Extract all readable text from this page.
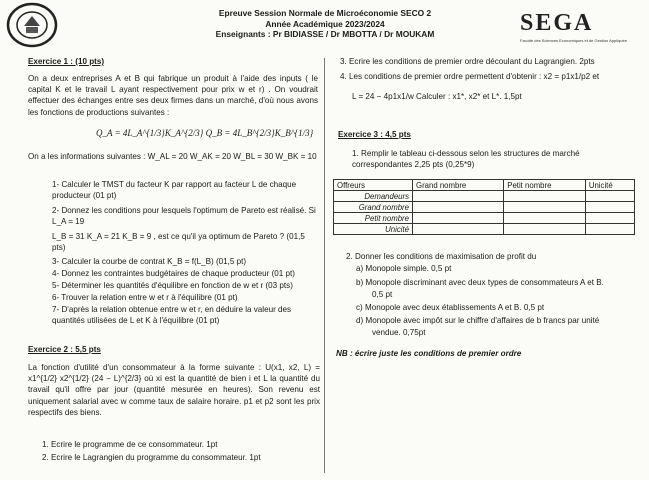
Epreuve Session Normale de Microéconomie SECO 2
Année Académique 2023/2024
Enseignants : Pr BIDIASSE / Dr MBOTTA / Dr MOUKAM	SEGA
Faculté des Sciences Economiques et de Gestion Appliquée
Exercice 1 : (10 pts)
On a deux entreprises A et B qui fabrique un produit à l'aide des inputs ( le capital K et le travail L ayant respectivement pour prix w et r) . On voudrait effectuer des échanges entre ses deux firmes dans un marché, d'où nous avons les fonctions de productions suivantes :
Q_A = 4L_A^{1/3}K_A^{2/3} Q_B = 4L_B^{2/3}K_B^{1/3}
On a les informations suivantes : W_AL = 20 W_AK = 20 W_BL = 30 W_BK = 10
1- Calculer le TMST du facteur K par rapport au facteur L de chaque producteur (01 pt)
2- Donnez les conditions pour lesquels l'optimum de Pareto est réalisé. Si L_A = 19
L_B = 31 K_A = 21 K_B = 9 , est ce qu'il ya optimum de Pareto ? (01,5 pts)
3- Calculer la courbe de contrat K_B = f(L_B) (01,5 pt)
4- Donnez les contraintes budgétaires de chaque producteur (01 pt)
5- Déterminer les quantités d'équilibre en fonction de w et r (03 pts)
6- Trouver la relation entre w et r à l'équilibre (01 pt)
7- D'après la relation obtenue entre w et r, en déduire la valeur des quantités utilisées de L et K à l'équilibre (01 pt)
Exercice 2 : 5,5 pts
La fonction d'utilité d'un consommateur à la forme suivante : U(x1, x2, L) = x1^{1/2} x2^{1/2} (24 − L)^{2/3} où xi est la quantité de bien i et L la quantité du travail qu'il offre par jour (quantité mesurée en heures). Son revenu est uniquement salarial avec w comme taux de salaire horaire. p1 et p2 sont les prix respectifs des biens.
1. Ecrire le programme de ce consommateur. 1pt
2. Ecrire le Lagrangien du programme du consommateur. 1pt
3. Ecrire les conditions de premier ordre découlant du Lagrangien. 2pts
4. Les conditions de premier ordre permettent d'obtenir : x2 = p1x1/p2 et
L = 24 − 4p1x1/w Calculer : x1*, x2* et L*. 1,5pt
Exercice 3 : 4,5 pts
1. Remplir le tableau ci-dessous selon les structures de marché correspondantes 2,25 pts (0,25*9)
Offreurs	Grand nombre	Petit nombre	Unicité
Demandeurs			
Grand nombre			
Petit nombre			
Unicité			
2. Donner les conditions de maximisation de profit du
a) Monopole simple. 0,5 pt
b) Monopole discriminant avec deux types de consommateurs A et B.
0,5 pt
c) Monopole avec deux établissements A et B. 0,5 pt
d) Monopole avec impôt sur le chiffre d'affaires de b francs par unité
vendue. 0,75pt
NB : écrire juste les conditions de premier ordre
